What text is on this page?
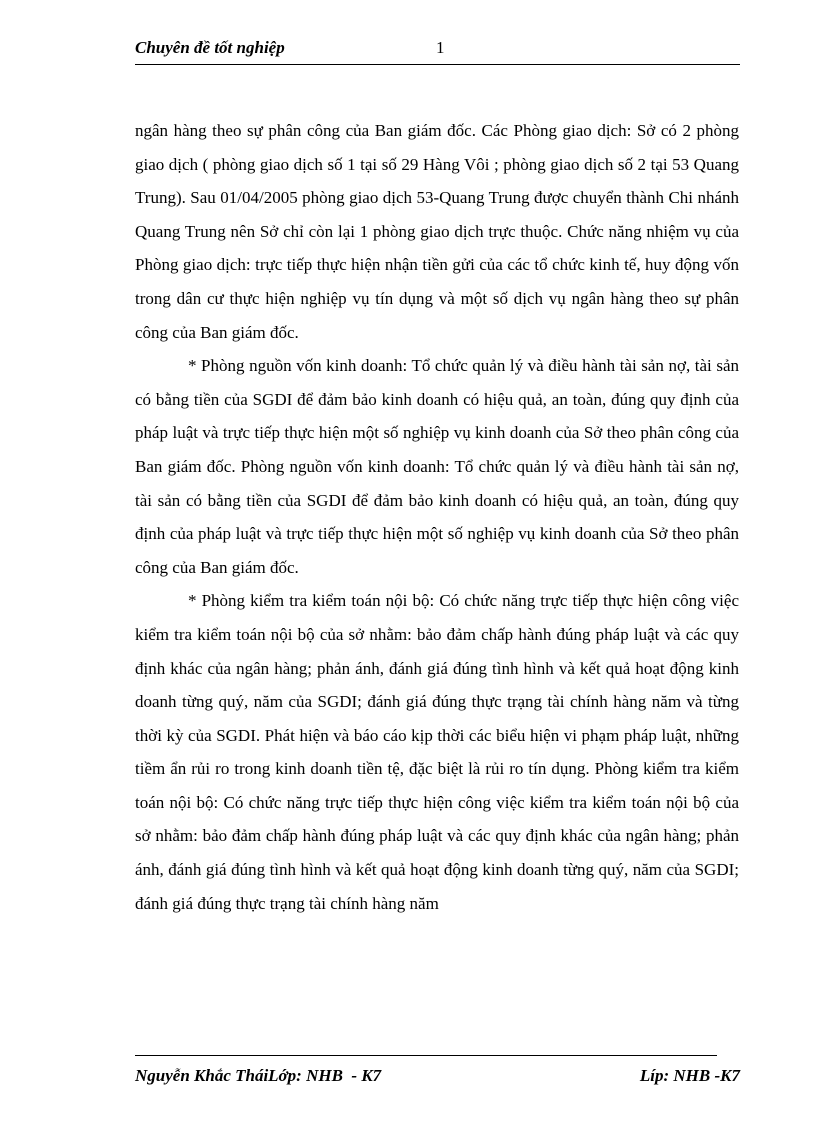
Chuyên đề tốt nghiệp	1

ngân hàng theo sự phân công của Ban giám đốc. Các Phòng giao dịch: Sở có 2 phòng giao dịch ( phòng giao dịch số 1 tại số 29 Hàng Vôi ; phòng giao dịch số 2 tại 53 Quang Trung). Sau 01/04/2005 phòng giao dịch 53-Quang Trung được chuyển thành Chi nhánh Quang Trung nên Sở chỉ còn lại 1 phòng giao dịch trực thuộc. Chức năng nhiệm vụ của Phòng giao dịch: trực tiếp thực hiện nhận tiền gửi của các tổ chức kinh tế, huy động vốn trong dân cư thực hiện nghiệp vụ tín dụng và một số dịch vụ ngân hàng theo sự phân công của Ban giám đốc.

* Phòng nguồn vốn kinh doanh: Tổ chức quản lý và điều hành tài sản nợ, tài sản có bằng tiền của SGDI để đảm bảo kinh doanh có hiệu quả, an toàn, đúng quy định của pháp luật và trực tiếp thực hiện một số nghiệp vụ kinh doanh của Sở theo phân công của Ban giám đốc. Phòng nguồn vốn kinh doanh: Tổ chức quản lý và điều hành tài sản nợ, tài sản có bằng tiền của SGDI để đảm bảo kinh doanh có hiệu quả, an toàn, đúng quy định của pháp luật và trực tiếp thực hiện một số nghiệp vụ kinh doanh của Sở theo phân công của Ban giám đốc.

* Phòng kiểm tra kiểm toán nội bộ: Có chức năng trực tiếp thực hiện công việc kiểm tra kiểm toán nội bộ của sở nhằm: bảo đảm chấp hành đúng pháp luật và các quy định khác của ngân hàng; phản ánh, đánh giá đúng tình hình và kết quả hoạt động kinh doanh từng quý, năm của SGDI; đánh giá đúng thực trạng tài chính hàng năm và từng thời kỳ của SGDI. Phát hiện và báo cáo kịp thời các biểu hiện vi phạm pháp luật, những tiềm ẩn rủi ro trong kinh doanh tiền tệ, đặc biệt là rủi ro tín dụng. Phòng kiểm tra kiểm toán nội bộ: Có chức năng trực tiếp thực hiện công việc kiểm tra kiểm toán nội bộ của sở nhằm: bảo đảm chấp hành đúng pháp luật và các quy định khác của ngân hàng; phản ánh, đánh giá đúng tình hình và kết quả hoạt động kinh doanh từng quý, năm của SGDI; đánh giá đúng thực trạng tài chính hàng năm

Nguyễn Khắc TháiLớp: NHB  - K7	Líp: NHB -K7
